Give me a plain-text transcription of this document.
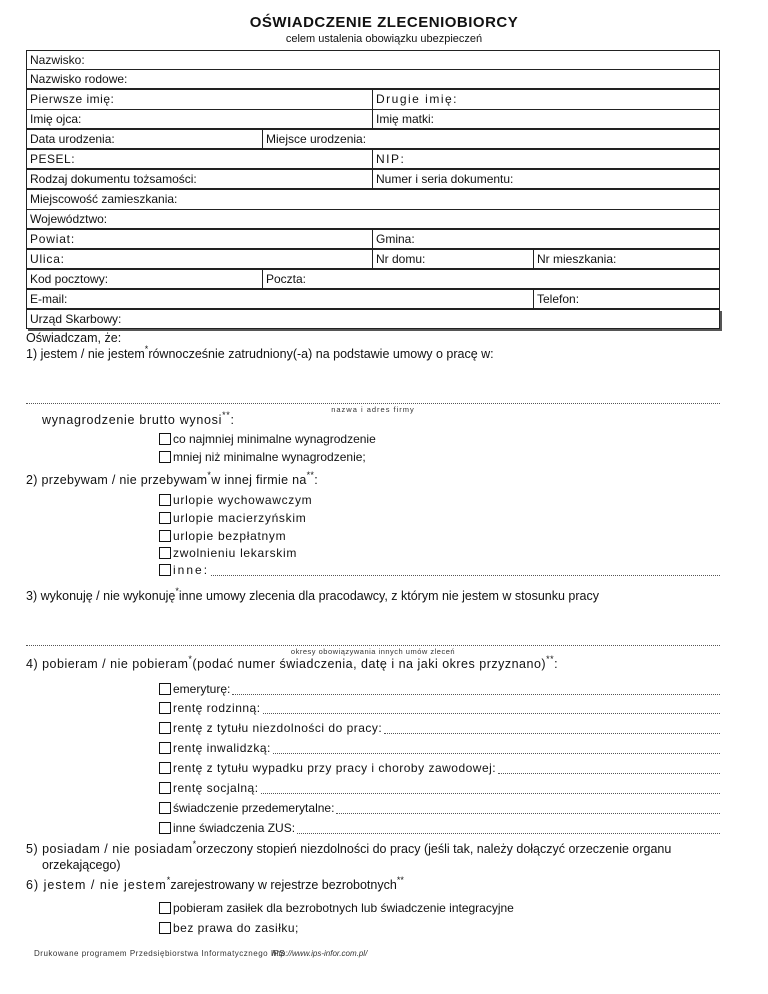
OŚWIADCZENIE ZLECENIOBIORCY
celem ustalenia obowiązku ubezpieczeń
Nazwisko:
Nazwisko rodowe:
Pierwsze imię:	Drugie imię:
Imię ojca:	Imię matki:
Data urodzenia:	Miejsce urodzenia:
PESEL:	NIP:
Rodzaj dokumentu tożsamości:	Numer i seria dokumentu:
Miejscowość zamieszkania:
Województwo:
Powiat:	Gmina:
Ulica:	Nr domu:	Nr mieszkania:
Kod pocztowy:	Poczta:
E-mail:	Telefon:
Urząd Skarbowy:
Oświadczam, że:
1) jestem / nie jestem*równocześnie zatrudniony(-a) na podstawie umowy o pracę w:
nazwa i adres firmy
wynagrodzenie brutto wynosi**:
co najmniej minimalne wynagrodzenie
mniej niż minimalne wynagrodzenie;
2) przebywam / nie przebywam*w innej firmie na**:
urlopie wychowawczym
urlopie macierzyńskim
urlopie bezpłatnym
zwolnieniu lekarskim
inne:
3) wykonuję / nie wykonuję*inne umowy zlecenia dla pracodawcy, z którym nie jestem w stosunku pracy
okresy obowiązywania innych umów zleceń
4) pobieram / nie pobieram*(podać numer świadczenia, datę i na jaki okres przyznano)**:
emeryturę:
rentę rodzinną:
rentę z tytułu niezdolności do pracy:
rentę inwalidzką:
rentę z tytułu wypadku przy pracy i choroby zawodowej:
rentę socjalną:
świadczenie przedemerytalne:
inne świadczenia ZUS:
5) posiadam / nie posiadam*orzeczony stopień niezdolności do pracy (jeśli tak, należy dołączyć orzeczenie organu
orzekającego)
6) jestem / nie jestem*zarejestrowany w rejestrze bezrobotnych**
pobieram zasiłek dla bezrobotnych lub świadczenie integracyjne
bez prawa do zasiłku;
Drukowane programem Przedsiębiorstwa Informatycznego IPS
http://www.ips-infor.com.pl/
